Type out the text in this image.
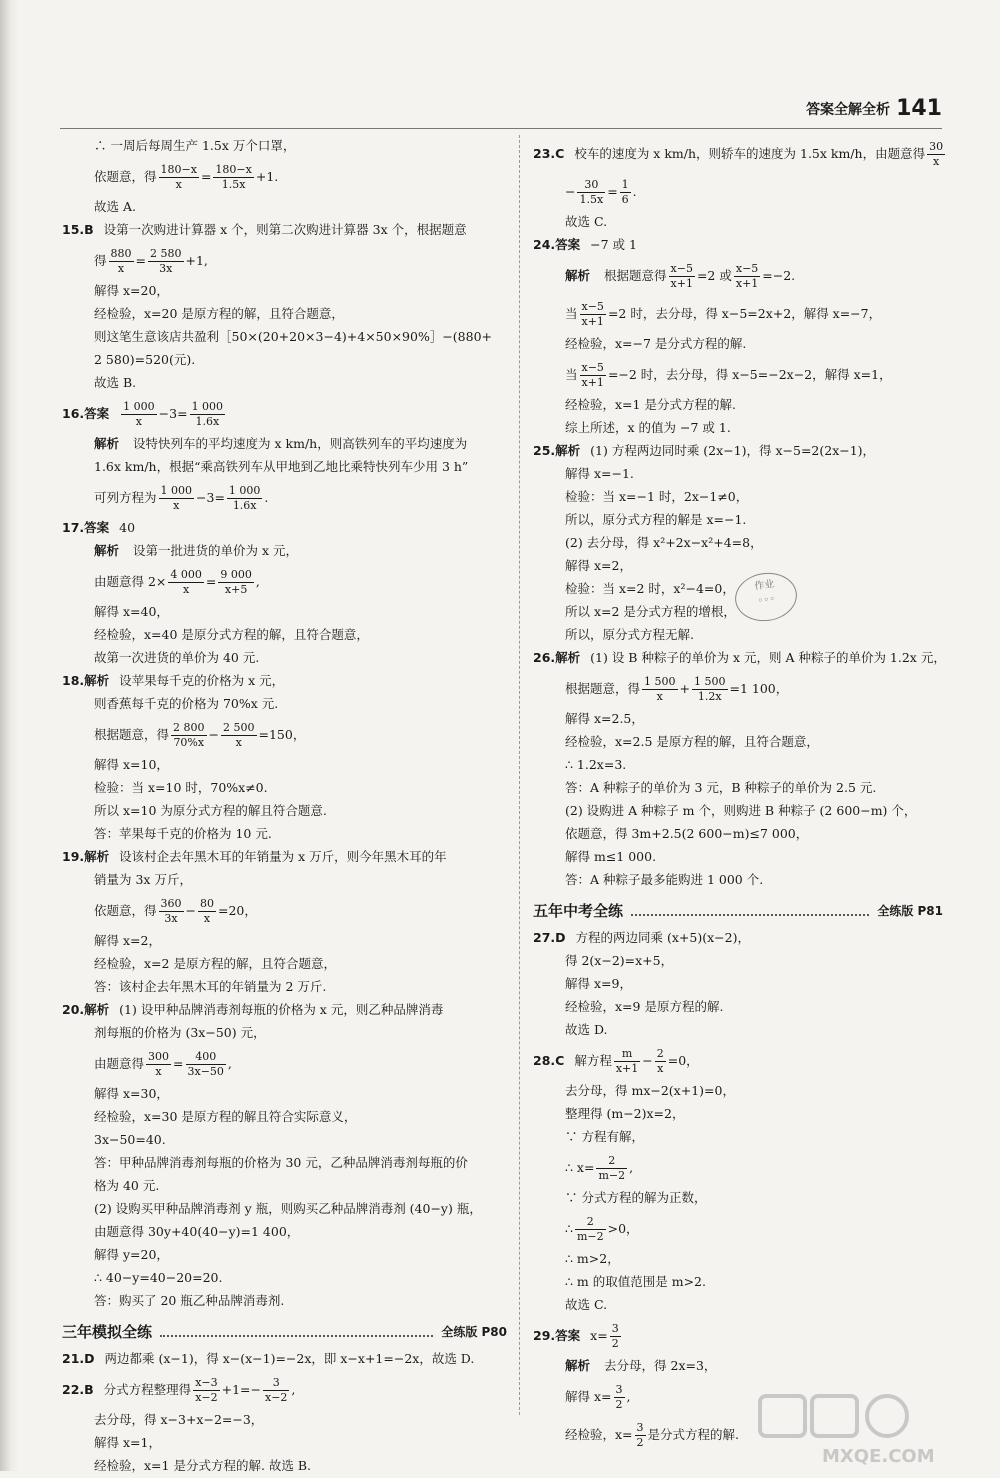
答案全解全析 141
∴ 一周后每周生产 1.5x 万个口罩，
依题意，得 $\frac{180-x}{x} = \frac{180-x}{1.5x} +1$.
故选 A.
15.B 设第一次购进计算器 x 个，则第二次购进计算器 3x 个，根据题意
得 $\frac{880}{x} = \frac{2 580}{3x} +1$,
解得 x=20，
经检验，x=20 是原方程的解，且符合题意，
则这笔生意该店共盈利［50×(20+20×3−4)+4×50×90%］−(880+
2 580)=520(元).
故选 B.
16.答案 $\frac{1 000}{x} -3= \frac{1 000}{1.6x}$
解析 设特快列车的平均速度为 x km/h，则高铁列车的平均速度为
1.6x km/h，根据“乘高铁列车从甲地到乙地比乘特快列车少用 3 h”
可列方程为 $\frac{1 000}{x} -3= \frac{1 000}{1.6x}$ .
17.答案 40
解析 设第一批进货的单价为 x 元，
由题意得 $2\times \frac{4 000}{x} = \frac{9 000}{x+5}$ ,
解得 x=40，
经检验，x=40 是原分式方程的解，且符合题意，
故第一次进货的单价为 40 元.
18.解析 设苹果每千克的价格为 x 元，
则香蕉每千克的价格为 70%x 元.
根据题意，得 $\frac{2 800}{70\%x} - \frac{2 500}{x} =150$，
解得 x=10，
检验：当 x=10 时，70%x≠0.
所以 x=10 为原分式方程的解且符合题意.
答：苹果每千克的价格为 10 元.
19.解析 设该村企去年黑木耳的年销量为 x 万斤，则今年黑木耳的年
销量为 3x 万斤，
依题意，得 $\frac{360}{3x} - \frac{80}{x} =20$，
解得 x=2，
经检验，x=2 是原方程的解，且符合题意，
答：该村企去年黑木耳的年销量为 2 万斤.
20.解析 (1) 设甲种品牌消毒剂每瓶的价格为 x 元，则乙种品牌消毒
剂每瓶的价格为 (3x−50) 元，
由题意得 $\frac{300}{x} = \frac{400}{3x-50}$ ,
解得 x=30，
经检验，x=30 是原方程的解且符合实际意义，
3x−50=40.
答：甲种品牌消毒剂每瓶的价格为 30 元，乙种品牌消毒剂每瓶的价
格为 40 元.
(2) 设购买甲种品牌消毒剂 y 瓶，则购买乙种品牌消毒剂 (40−y) 瓶，
由题意得 30y+40(40−y)=1 400，
解得 y=20，
∴ 40−y=40−20=20.
答：购买了 20 瓶乙种品牌消毒剂.
三年模拟全练	全练版 P80
21.D 两边都乘 (x−1)，得 x−(x−1)=−2x，即 x−x+1=−2x，故选 D.
22.B 分式方程整理得 $\frac{x-3}{x-2} +1=- \frac{3}{x-2}$ ,
去分母，得 x−3+x−2=−3，
解得 x=1，
经检验，x=1 是分式方程的解. 故选 B.
23.C 校车的速度为 x km/h，则轿车的速度为 1.5x km/h，由题意得 $\frac{30}{x}$
− $\frac{30}{1.5x} = \frac{1}{6}$ .
故选 C.
24.答案 −7 或 1
解析 根据题意得 $\frac{x-5}{x+1} =2$ 或 $\frac{x-5}{x+1} =-2$.
当 $\frac{x-5}{x+1} =2$ 时，去分母，得 x−5=2x+2，解得 x=−7，
经检验，x=−7 是分式方程的解.
当 $\frac{x-5}{x+1} =-2$ 时，去分母，得 x−5=−2x−2，解得 x=1，
经检验，x=1 是分式方程的解.
综上所述，x 的值为 −7 或 1.
25.解析 (1) 方程两边同时乘 (2x−1)，得 x−5=2(2x−1)，
解得 x=−1.
检验：当 x=−1 时，2x−1≠0，
所以，原分式方程的解是 x=−1.
(2) 去分母，得 x²+2x−x²+4=8，
解得 x=2，
检验：当 x=2 时，x²−4=0，
所以 x=2 是分式方程的增根，
所以，原分式方程无解.
26.解析 (1) 设 B 种粽子的单价为 x 元，则 A 种粽子的单价为 1.2x 元，
根据题意，得 $\frac{1 500}{x} + \frac{1 500}{1.2x} =1$ 100，
解得 x=2.5，
经检验，x=2.5 是原方程的解，且符合题意，
∴ 1.2x=3.
答：A 种粽子的单价为 3 元，B 种粽子的单价为 2.5 元.
(2) 设购进 A 种粽子 m 个，则购进 B 种粽子 (2 600−m) 个，
依题意，得 3m+2.5(2 600−m)≤7 000，
解得 m≤1 000.
答：A 种粽子最多能购进 1 000 个.
五年中考全练	全练版 P81
27.D 方程的两边同乘 (x+5)(x−2)，
得 2(x−2)=x+5，
解得 x=9，
经检验，x=9 是原方程的解.
故选 D.
28.C 解方程 $\frac{m}{x+1} - \frac{2}{x} =0$，
去分母，得 mx−2(x+1)=0，
整理得 (m−2)x=2，
∵ 方程有解，
∴ $x= \frac{2}{m-2}$ ,
∵ 分式方程的解为正数，
∴ $\frac{2}{m-2} >0$，
∴ m>2，
∴ m 的取值范围是 m>2.
故选 C.
29.答案 $x= \frac{3}{2}$
解析 去分母，得 2x=3，
解得 $x= \frac{3}{2}$ ,
经检验，$x= \frac{3}{2}$ 是分式方程的解.
作业
◦◦◦
MXQE.COM
